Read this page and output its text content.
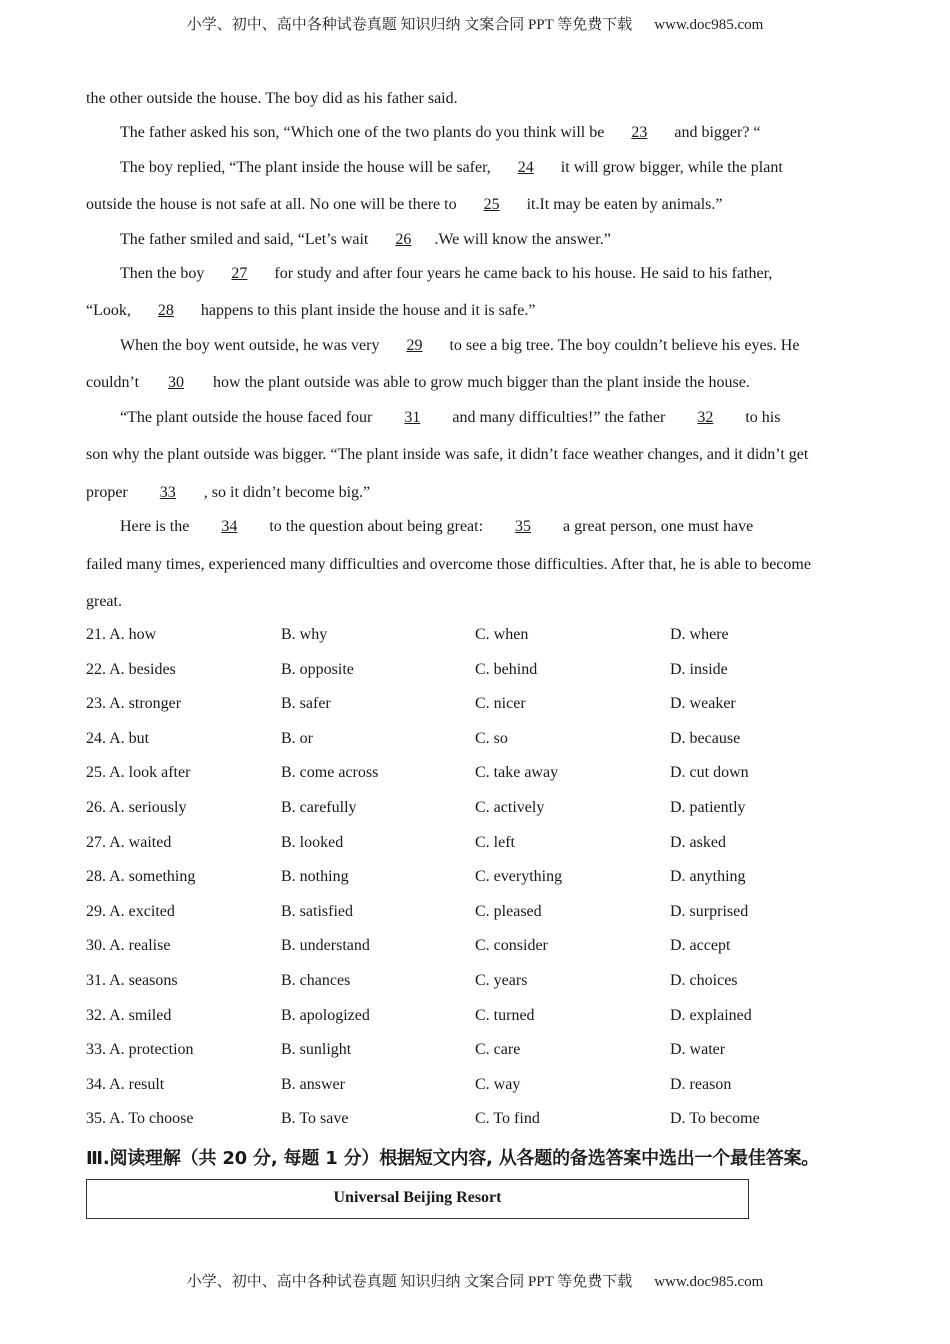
小学、初中、高中各种试卷真题 知识归纳 文案合同 PPT 等免费下载 www.doc985.com
the other outside the house. The boy did as his father said.
The father asked his son, “Which one of the two plants do you think will be 23 and bigger? “
The boy replied, “The plant inside the house will be safer, 24 it will grow bigger, while the plant
outside the house is not safe at all. No one will be there to 25 it.It may be eaten by animals.”
The father smiled and said, “Let’s wait 26 .We will know the answer.”
Then the boy 27 for study and after four years he came back to his house. He said to his father,
“Look, 28 happens to this plant inside the house and it is safe.”
When the boy went outside, he was very 29 to see a big tree. The boy couldn’t believe his eyes. He
couldn’t 30 how the plant outside was able to grow much bigger than the plant inside the house.
“The plant outside the house faced four 31 and many difficulties!” the father 32 to his
son why the plant outside was bigger. “The plant inside was safe, it didn’t face weather changes, and it didn’t get
proper 33 , so it didn’t become big.”
Here is the 34 to the question about being great: 35 a great person, one must have
failed many times, experienced many difficulties and overcome those difficulties. After that, he is able to become
great.
21. A. how	B. why	C. when	D. where
22. A. besides	B. opposite	C. behind	D. inside
23. A. stronger	B. safer	C. nicer	D. weaker
24. A. but	B. or	C. so	D. because
25. A. look after	B. come across	C. take away	D. cut down
26. A. seriously	B. carefully	C. actively	D. patiently
27. A. waited	B. looked	C. left	D. asked
28. A. something	B. nothing	C. everything	D. anything
29. A. excited	B. satisfied	C. pleased	D. surprised
30. A. realise	B. understand	C. consider	D. accept
31. A. seasons	B. chances	C. years	D. choices
32. A. smiled	B. apologized	C. turned	D. explained
33. A. protection	B. sunlight	C. care	D. water
34. A. result	B. answer	C. way	D. reason
35. A. To choose	B. To save	C. To find	D. To become
Ⅲ.阅读理解（共 20 分, 每题 1 分）根据短文内容, 从各题的备选答案中选出一个最佳答案。
Universal Beijing Resort
小学、初中、高中各种试卷真题 知识归纳 文案合同 PPT 等免费下载 www.doc985.com
